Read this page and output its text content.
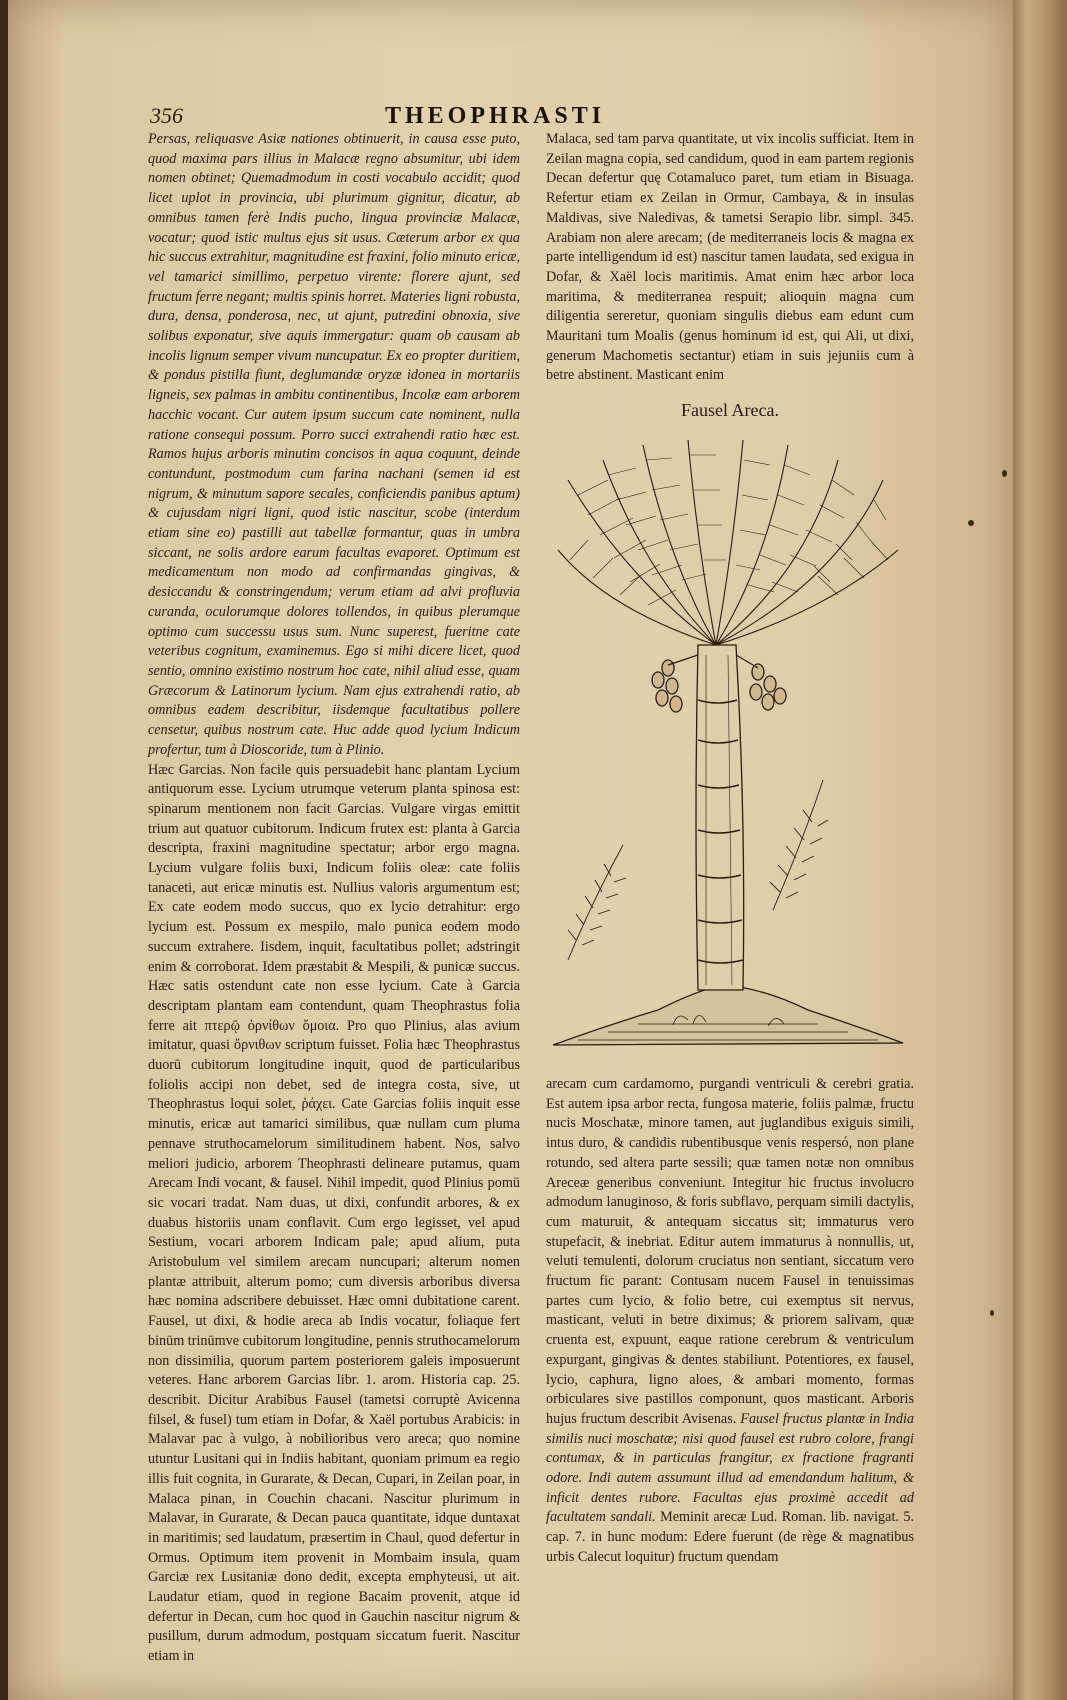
356	THEOPHRASTI

Persas, reliquasve Asiæ nationes obtinuerit, in causa esse puto, quod maxima pars illius in Malacæ regno absumitur, ubi idem nomen obtinet; Quemadmodum in costi vocabulo accidit; quod licet uplot in provincia, ubi plurimum gignitur, dicatur, ab omnibus tamen ferè Indis pucho, lingua provinciæ Malacæ, vocatur; quod istic multus ejus sit usus. Cæterum arbor ex qua hic succus extrahitur, magnitudine est fraxini, folio minuto ericæ, vel tamarici simillimo, perpetuo virente: florere ajunt, sed fructum ferre negant; multis spinis horret. Materies ligni robusta, dura, densa, ponderosa, nec, ut ajunt, putredini obnoxia, sive solibus exponatur, sive aquis immergatur: quam ob causam ab incolis lignum semper vivum nuncupatur. Ex eo propter duritiem, & pondus pistilla fiunt, deglumandæ oryzæ idonea in mortariis ligneis, sex palmas in ambitu continentibus, Incolæ eam arborem hacchic vocant. Cur autem ipsum succum cate nominent, nulla ratione consequi possum. Porro succi extrahendi ratio hæc est. Ramos hujus arboris minutim concisos in aqua coquunt, deinde contundunt, postmodum cum farina nachani (semen id est nigrum, & minutum sapore secales, conficiendis panibus aptum) & cujusdam nigri ligni, quod istic nascitur, scobe (interdum etiam sine eo) pastilli aut tabellæ formantur, quas in umbra siccant, ne solis ardore earum facultas evaporet. Optimum est medicamentum non modo ad confirmandas gingivas, & desiccandu & constringendum; verum etiam ad alvi profluvia curanda, oculorumque dolores tollendos, in quibus plerumque optimo cum successu usus sum. Nunc superest, fueritne cate veteribus cognitum, examinemus. Ego si mihi dicere licet, quod sentio, omnino existimo nostrum hoc cate, nihil aliud esse, quam Græcorum & Latinorum lycium. Nam ejus extrahendi ratio, ab omnibus eadem describitur, iisdemque facultatibus pollere censetur, quibus nostrum cate. Huc adde quod lycium Indicum profertur, tum à Dioscoride, tum à Plinio.

Hæc Garcias. Non facile quis persuadebit hanc plantam Lycium antiquorum esse. Lycium utrumque veterum planta spinosa est: spinarum mentionem non facit Garcias. Vulgare virgas emittit trium aut quatuor cubitorum. Indicum frutex est: planta à Garcia descripta, fraxini magnitudine spectatur; arbor ergo magna. Lycium vulgare foliis buxi, Indicum foliis oleæ: cate foliis tanaceti, aut ericæ minutis est. Nullius valoris argumentum est; Ex cate eodem modo succus, quo ex lycio detrahitur: ergo lycium est. Possum ex mespilo, malo punica eodem modo succum extrahere. Iisdem, inquit, facultatibus pollet; adstringit enim & corroborat. Idem præstabit & Mespili, & punicæ succus. Hæc satis ostendunt cate non esse lycium. Cate à Garcia descriptam plantam eam contendunt, quam Theophrastus folia ferre ait πτερῷ ὀρνίθων ὅμοια. Pro quo Plinius, alas avium imitatur, quasi ὄρνιθων scriptum fuisset. Folia hæc Theophrastus duorū cubitorum longitudine inquit, quod de particularibus foliolis accipi non debet, sed de integra costa, sive, ut Theophrastus loqui solet, ῥάχει. Cate Garcias foliis inquit esse minutis, ericæ aut tamarici similibus, quæ nullam cum pluma pennave struthocamelorum similitudinem habent. Nos, salvo meliori judicio, arborem Theophrasti delineare putamus, quam Arecam Indi vocant, & fausel. Nihil impedit, quod Plinius pomū sic vocari tradat. Nam duas, ut dixi, confundit arbores, & ex duabus historiis unam conflavit. Cum ergo legisset, vel apud Sestium, vocari arborem Indicam pale; apud alium, puta Aristobulum vel similem arecam nuncupari; alterum nomen plantæ attribuit, alterum pomo; cum diversis arboribus diversa hæc nomina adscribere debuisset. Hæc omni dubitatione carent. Fausel, ut dixi, & hodie areca ab Indis vocatur, foliaque fert binūm trinūmve cubitorum longitudine, pennis struthocamelorum non dissimilia, quorum partem posteriorem galeis imposuerunt veteres. Hanc arborem Garcias libr. 1. arom. Historia cap. 25. describit. Dicitur Arabibus Fausel (tametsi corruptè Avicenna filsel, & fusel) tum etiam in Dofar, & Xaël portubus Arabicis: in Malavar pac à vulgo, à nobilioribus vero areca; quo nomine utuntur Lusitani qui in Indiis habitant, quoniam primum ea regio illis fuit cognita, in Gurarate, & Decan, Cupari, in Zeilan poar, in Malaca pinan, in Couchin chacani. Nascitur plurimum in Malavar, in Gurarate, & Decan pauca quantitate, idque duntaxat in maritimis; sed laudatum, præsertim in Chaul, quod defertur in Ormus. Optimum item provenit in Mombaim insula, quam Garciæ rex Lusitaniæ dono dedit, excepta emphyteusi, ut ait. Laudatur etiam, quod in regione Bacaim provenit, atque id defertur in Decan, cum hoc quod in Gauchin nascitur nigrum & pusillum, durum admodum, postquam siccatum fuerit. Nascitur etiam in

Malaca, sed tam parva quantitate, ut vix incolis sufficiat. Item in Zeilan magna copia, sed candidum, quod in eam partem regionis Decan defertur quę Cotamaluco paret, tum etiam in Bisuaga. Refertur etiam ex Zeilan in Ormur, Cambaya, & in insulas Maldivas, sive Naledivas, & tametsi Serapio libr. simpl. 345. Arabiam non alere arecam; (de mediterraneis locis & magna ex parte intelligendum id est) nascitur tamen laudata, sed exigua in Dofar, & Xaël locis maritimis. Amat enim hæc arbor loca maritima, & mediterranea respuit; alioquin magna cum diligentia sereretur, quoniam singulis diebus eam edunt cum Mauritani tum Moalis (genus hominum id est, qui Ali, ut dixi, generum Machometis sectantur) etiam in suis jejuniis cum à betre abstinent. Masticant enim

Fausel Areca.

arecam cum cardamomo, purgandi ventriculi & cerebri gratia. Est autem ipsa arbor recta, fungosa materie, foliis palmæ, fructu nucis Moschatæ, minore tamen, aut juglandibus exiguis simili, intus duro, & candidis rubentibusque venis respersó, non plane rotundo, sed altera parte sessili; quæ tamen notæ non omnibus Areceæ generibus conveniunt. Integitur hic fructus involucro admodum lanuginoso, & foris subflavo, perquam simili dactylis, cum maturuit, & antequam siccatus sit; immaturus vero stupefacit, & inebriat. Editur autem immaturus à nonnullis, ut, veluti temulenti, dolorum cruciatus non sentiant, siccatum vero fructum fic parant: Contusam nucem Fausel in tenuissimas partes cum lycio, & folio betre, cui exemptus sit nervus, masticant, veluti in betre diximus; & priorem salivam, quæ cruenta est, expuunt, eaque ratione cerebrum & ventriculum expurgant, gingivas & dentes stabiliunt. Potentiores, ex fausel, lycio, caphura, ligno aloes, & ambari momento, formas orbiculares sive pastillos componunt, quos masticant. Arboris hujus fructum describit Avisenas. Fausel fructus plantæ in India similis nuci moschatæ; nisi quod fausel est rubro colore, frangi contumax, & in particulas frangitur, ex fractione fragranti odore. Indi autem assumunt illud ad emendandum halitum, & inficit dentes rubore. Facultas ejus proximè accedit ad facultatem sandali. Meminit arecæ Lud. Roman. lib. navigat. 5. cap. 7. in hunc modum: Edere fuerunt (de rège & magnatibus urbis Calecut loquitur) fructum quendam
